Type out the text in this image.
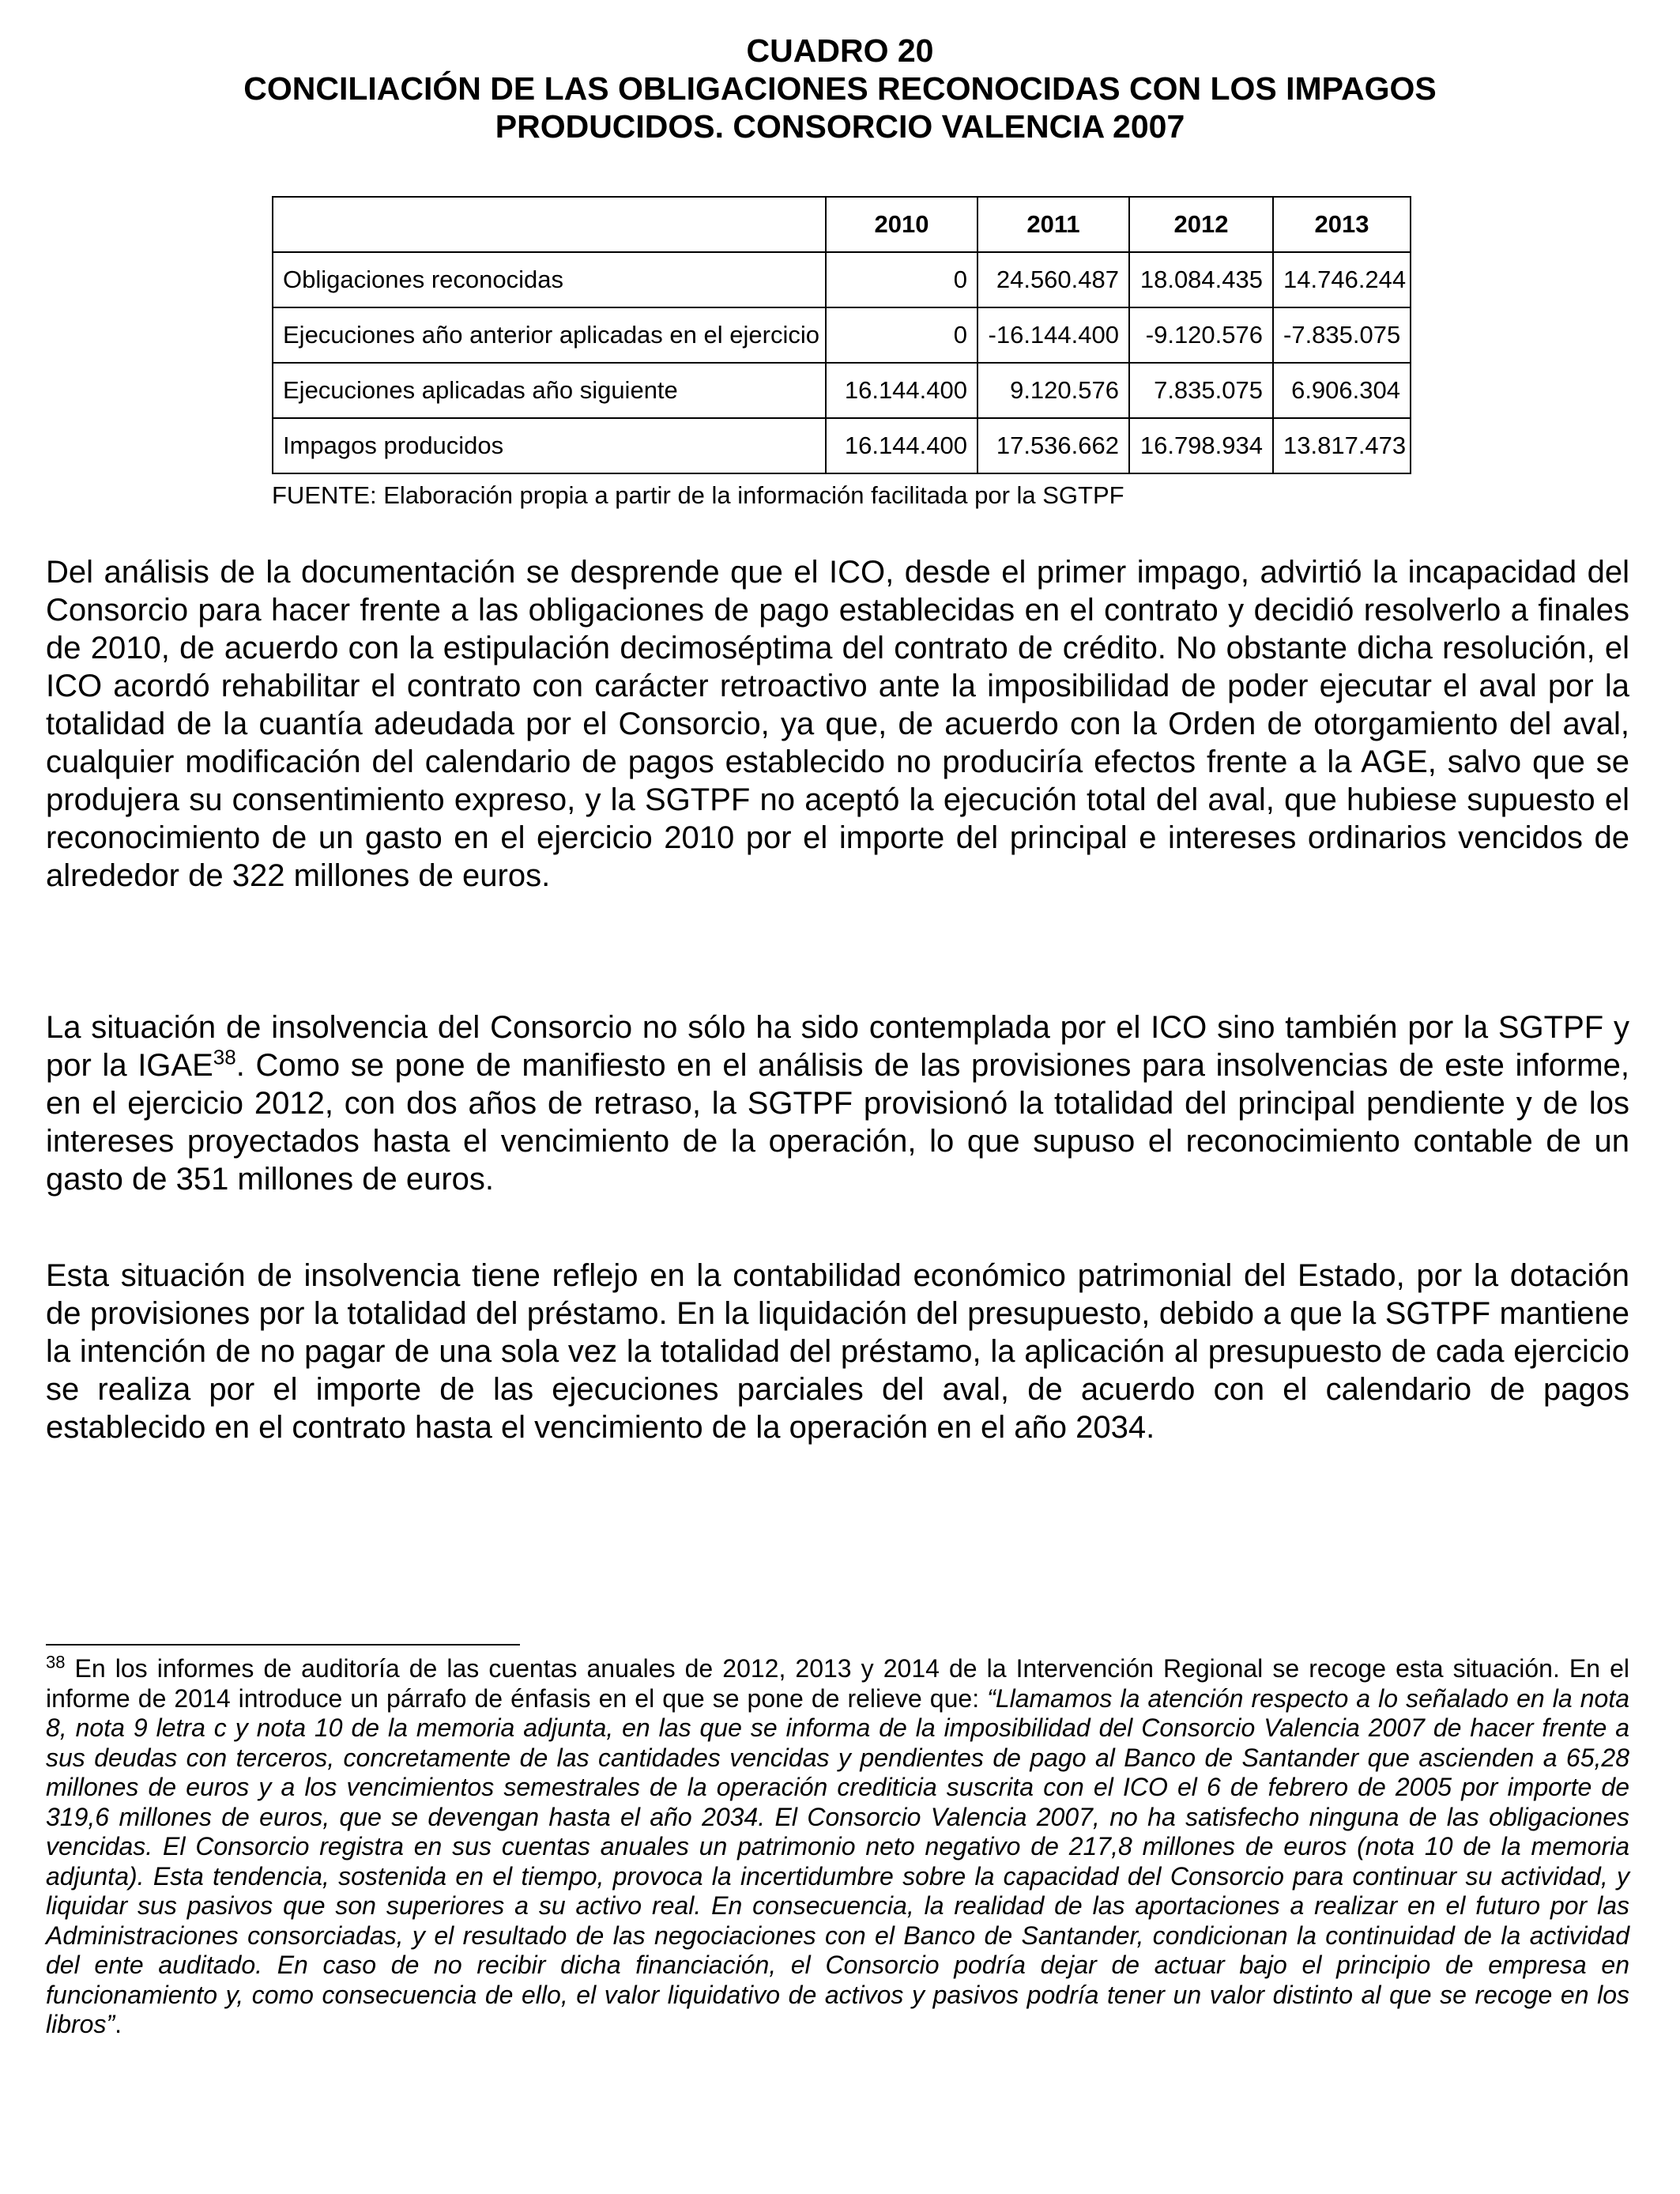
CUADRO 20
CONCILIACIÓN DE LAS OBLIGACIONES RECONOCIDAS CON LOS IMPAGOS
PRODUCIDOS. CONSORCIO VALENCIA 2007
	2010	2011	2012	2013
Obligaciones reconocidas	0	24.560.487	18.084.435	14.746.244
Ejecuciones año anterior aplicadas en el ejercicio	0	-16.144.400	-9.120.576	-7.835.075
Ejecuciones aplicadas año siguiente	16.144.400	9.120.576	7.835.075	6.906.304
Impagos producidos	16.144.400	17.536.662	16.798.934	13.817.473
FUENTE: Elaboración propia a partir de la información facilitada por la SGTPF

Del análisis de la documentación se desprende que el ICO, desde el primer impago, advirtió la incapacidad del Consorcio para hacer frente a las obligaciones de pago establecidas en el contrato y decidió resolverlo a finales de 2010, de acuerdo con la estipulación decimoséptima del contrato de crédito. No obstante dicha resolución, el ICO acordó rehabilitar el contrato con carácter retroactivo ante la imposibilidad de poder ejecutar el aval por la totalidad de la cuantía adeudada por el Consorcio, ya que, de acuerdo con la Orden de otorgamiento del aval, cualquier modificación del calendario de pagos establecido no produciría efectos frente a la AGE, salvo que se produjera su consentimiento expreso, y la SGTPF no aceptó la ejecución total del aval, que hubiese supuesto el reconocimiento de un gasto en el ejercicio 2010 por el importe del principal e intereses ordinarios vencidos de alrededor de 322 millones de euros.

La situación de insolvencia del Consorcio no sólo ha sido contemplada por el ICO sino también por la SGTPF y por la IGAE$^{38}$. Como se pone de manifiesto en el análisis de las provisiones para insolvencias de este informe, en el ejercicio 2012, con dos años de retraso, la SGTPF provisionó la totalidad del principal pendiente y de los intereses proyectados hasta el vencimiento de la operación, lo que supuso el reconocimiento contable de un gasto de 351 millones de euros.

Esta situación de insolvencia tiene reflejo en la contabilidad económico patrimonial del Estado, por la dotación de provisiones por la totalidad del préstamo. En la liquidación del presupuesto, debido a que la SGTPF mantiene la intención de no pagar de una sola vez la totalidad del préstamo, la aplicación al presupuesto de cada ejercicio se realiza por el importe de las ejecuciones parciales del aval, de acuerdo con el calendario de pagos establecido en el contrato hasta el vencimiento de la operación en el año 2034.

$^{38}$ En los informes de auditoría de las cuentas anuales de 2012, 2013 y 2014 de la Intervención Regional se recoge esta situación. En el informe de 2014 introduce un párrafo de énfasis en el que se pone de relieve que: “Llamamos la atención respecto a lo señalado en la nota 8, nota 9 letra c y nota 10 de la memoria adjunta, en las que se informa de la imposibilidad del Consorcio Valencia 2007 de hacer frente a sus deudas con terceros, concretamente de las cantidades vencidas y pendientes de pago al Banco de Santander que ascienden a 65,28 millones de euros y a los vencimientos semestrales de la operación crediticia suscrita con el ICO el 6 de febrero de 2005 por importe de 319,6 millones de euros, que se devengan hasta el año 2034. El Consorcio Valencia 2007, no ha satisfecho ninguna de las obligaciones vencidas. El Consorcio registra en sus cuentas anuales un patrimonio neto negativo de 217,8 millones de euros (nota 10 de la memoria adjunta). Esta tendencia, sostenida en el tiempo, provoca la incertidumbre sobre la capacidad del Consorcio para continuar su actividad, y liquidar sus pasivos que son superiores a su activo real. En consecuencia, la realidad de las aportaciones a realizar en el futuro por las Administraciones consorciadas, y el resultado de las negociaciones con el Banco de Santander, condicionan la continuidad de la actividad del ente auditado. En caso de no recibir dicha financiación, el Consorcio podría dejar de actuar bajo el principio de empresa en funcionamiento y, como consecuencia de ello, el valor liquidativo de activos y pasivos podría tener un valor distinto al que se recoge en los libros”.
